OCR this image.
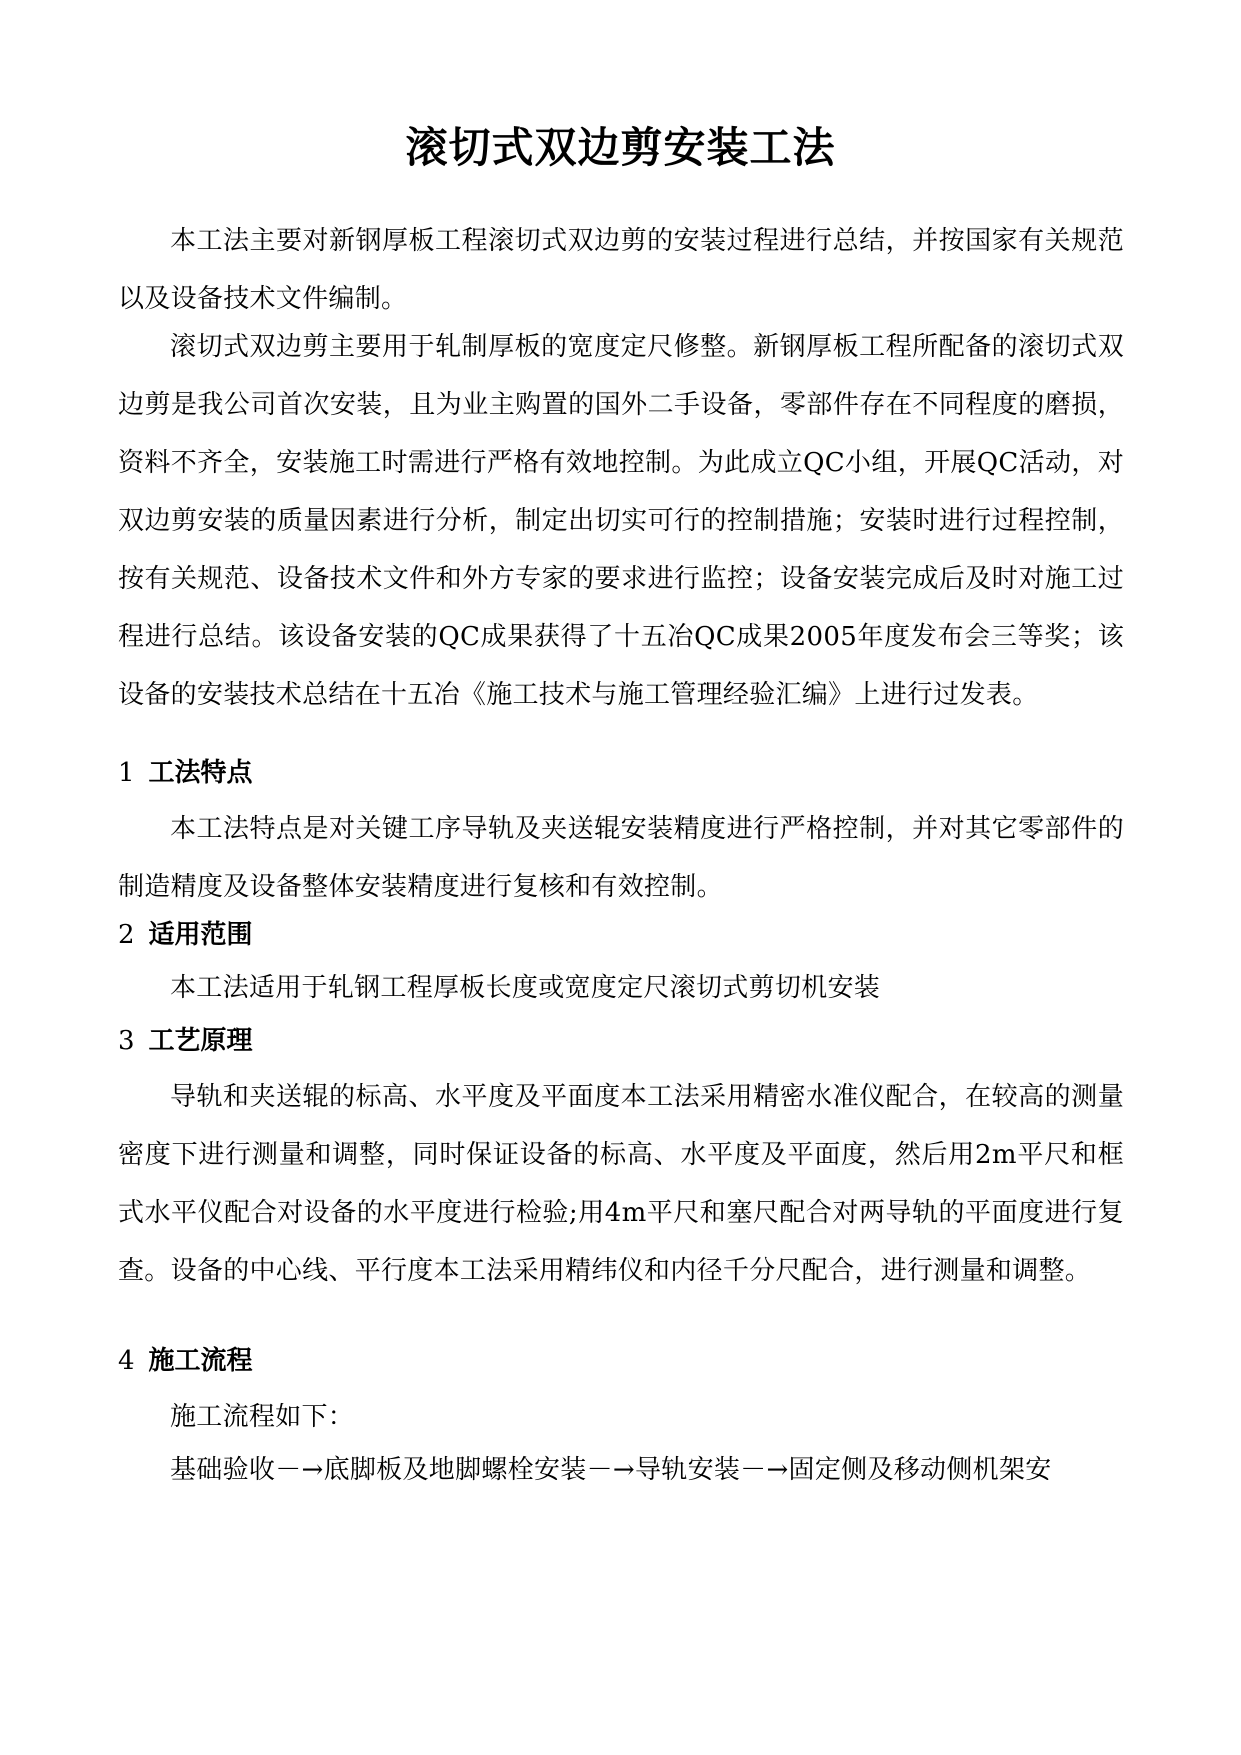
滚切式双边剪安装工法

本工法主要对新钢厚板工程滚切式双边剪的安装过程进行总结，并按国家有关规范以及设备技术文件编制。

滚切式双边剪主要用于轧制厚板的宽度定尺修整。新钢厚板工程所配备的滚切式双边剪是我公司首次安装，且为业主购置的国外二手设备，零部件存在不同程度的磨损，资料不齐全，安装施工时需进行严格有效地控制。为此成立QC小组，开展QC活动，对双边剪安装的质量因素进行分析，制定出切实可行的控制措施；安装时进行过程控制，按有关规范、设备技术文件和外方专家的要求进行监控；设备安装完成后及时对施工过程进行总结。该设备安装的QC成果获得了十五冶QC成果2005年度发布会三等奖；该设备的安装技术总结在十五冶《施工技术与施工管理经验汇编》上进行过发表。

1 工法特点

本工法特点是对关键工序导轨及夹送辊安装精度进行严格控制，并对其它零部件的制造精度及设备整体安装精度进行复核和有效控制。

2 适用范围

本工法适用于轧钢工程厚板长度或宽度定尺滚切式剪切机安装

3 工艺原理

导轨和夹送辊的标高、水平度及平面度本工法采用精密水准仪配合，在较高的测量密度下进行测量和调整，同时保证设备的标高、水平度及平面度，然后用2m平尺和框式水平仪配合对设备的水平度进行检验;用4m平尺和塞尺配合对两导轨的平面度进行复查。设备的中心线、平行度本工法采用精纬仪和内径千分尺配合，进行测量和调整。

4 施工流程

施工流程如下：

基础验收－→底脚板及地脚螺栓安装－→导轨安装－→固定侧及移动侧机架安
